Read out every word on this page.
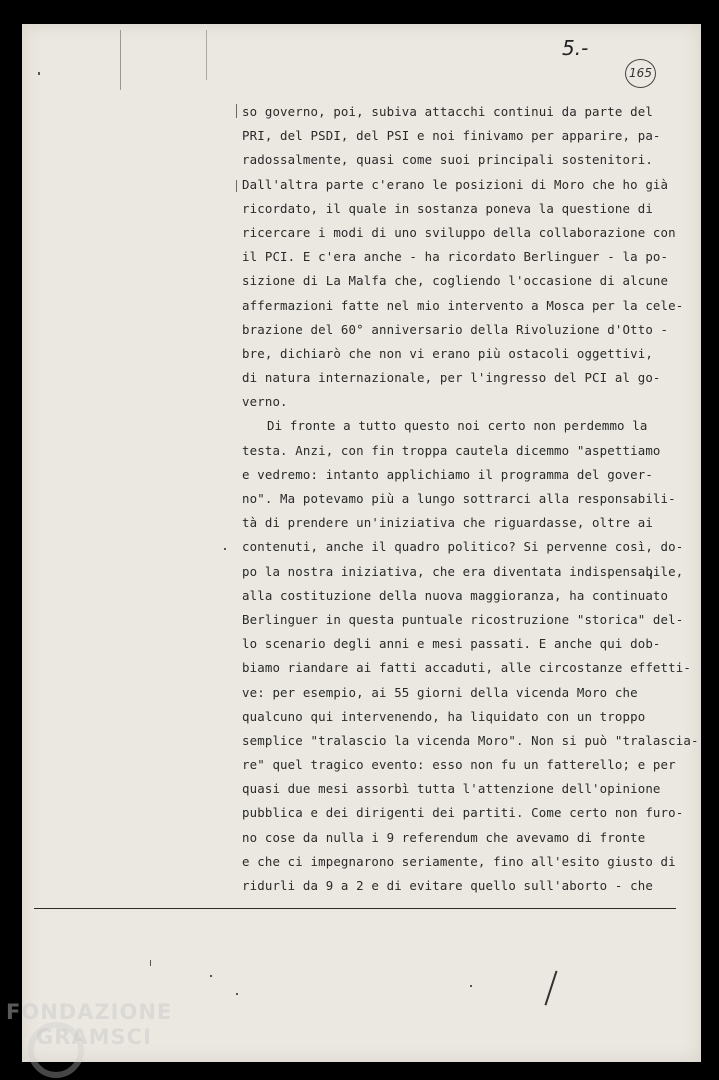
5.-
165
so governo, poi, subiva attacchi continui da parte del
PRI, del PSDI, del PSI e noi finivamo per apparire, pa-
radossalmente, quasi come suoi principali sostenitori.
Dall'altra parte c'erano le posizioni di Moro che ho già
ricordato, il quale in sostanza poneva la questione di
ricercare i modi di uno sviluppo della collaborazione con
il PCI. E c'era anche - ha ricordato Berlinguer - la po-
sizione di La Malfa che, cogliendo l'occasione di alcune
affermazioni fatte nel mio intervento a Mosca per la cele-
brazione del 60° anniversario della Rivoluzione d'Otto -
bre, dichiarò che non vi erano più ostacoli oggettivi,
di natura internazionale, per l'ingresso del PCI al go-
verno.
Di fronte a tutto questo noi certo non perdemmo la
testa. Anzi, con fin troppa cautela dicemmo "aspettiamo
e vedremo: intanto applichiamo il programma del gover-
no". Ma potevamo più a lungo sottrarci alla responsabili-
tà di prendere un'iniziativa che riguardasse, oltre ai
contenuti, anche il quadro politico? Si pervenne così, do-
po la nostra iniziativa, che era diventata indispensabile,
alla costituzione della nuova maggioranza, ha continuato
Berlinguer in questa puntuale ricostruzione "storica" del-
lo scenario degli anni e mesi passati. E anche qui dob-
biamo riandare ai fatti accaduti, alle circostanze effetti-
ve: per esempio, ai 55 giorni della vicenda Moro che
qualcuno qui intervenendo, ha liquidato con un troppo
semplice "tralascio la vicenda Moro". Non si può "tralascia-
re" quel tragico evento: esso non fu un fatterello; e per
quasi due mesi assorbì tutta l'attenzione dell'opinione
pubblica e dei dirigenti dei partiti. Come certo non furo-
no cose da nulla i 9 referendum che avevamo di fronte
e che ci impegnarono seriamente, fino all'esito giusto di
ridurli da 9 a 2 e di evitare quello sull'aborto - che
FONDAZIONE
GRAMSCI
